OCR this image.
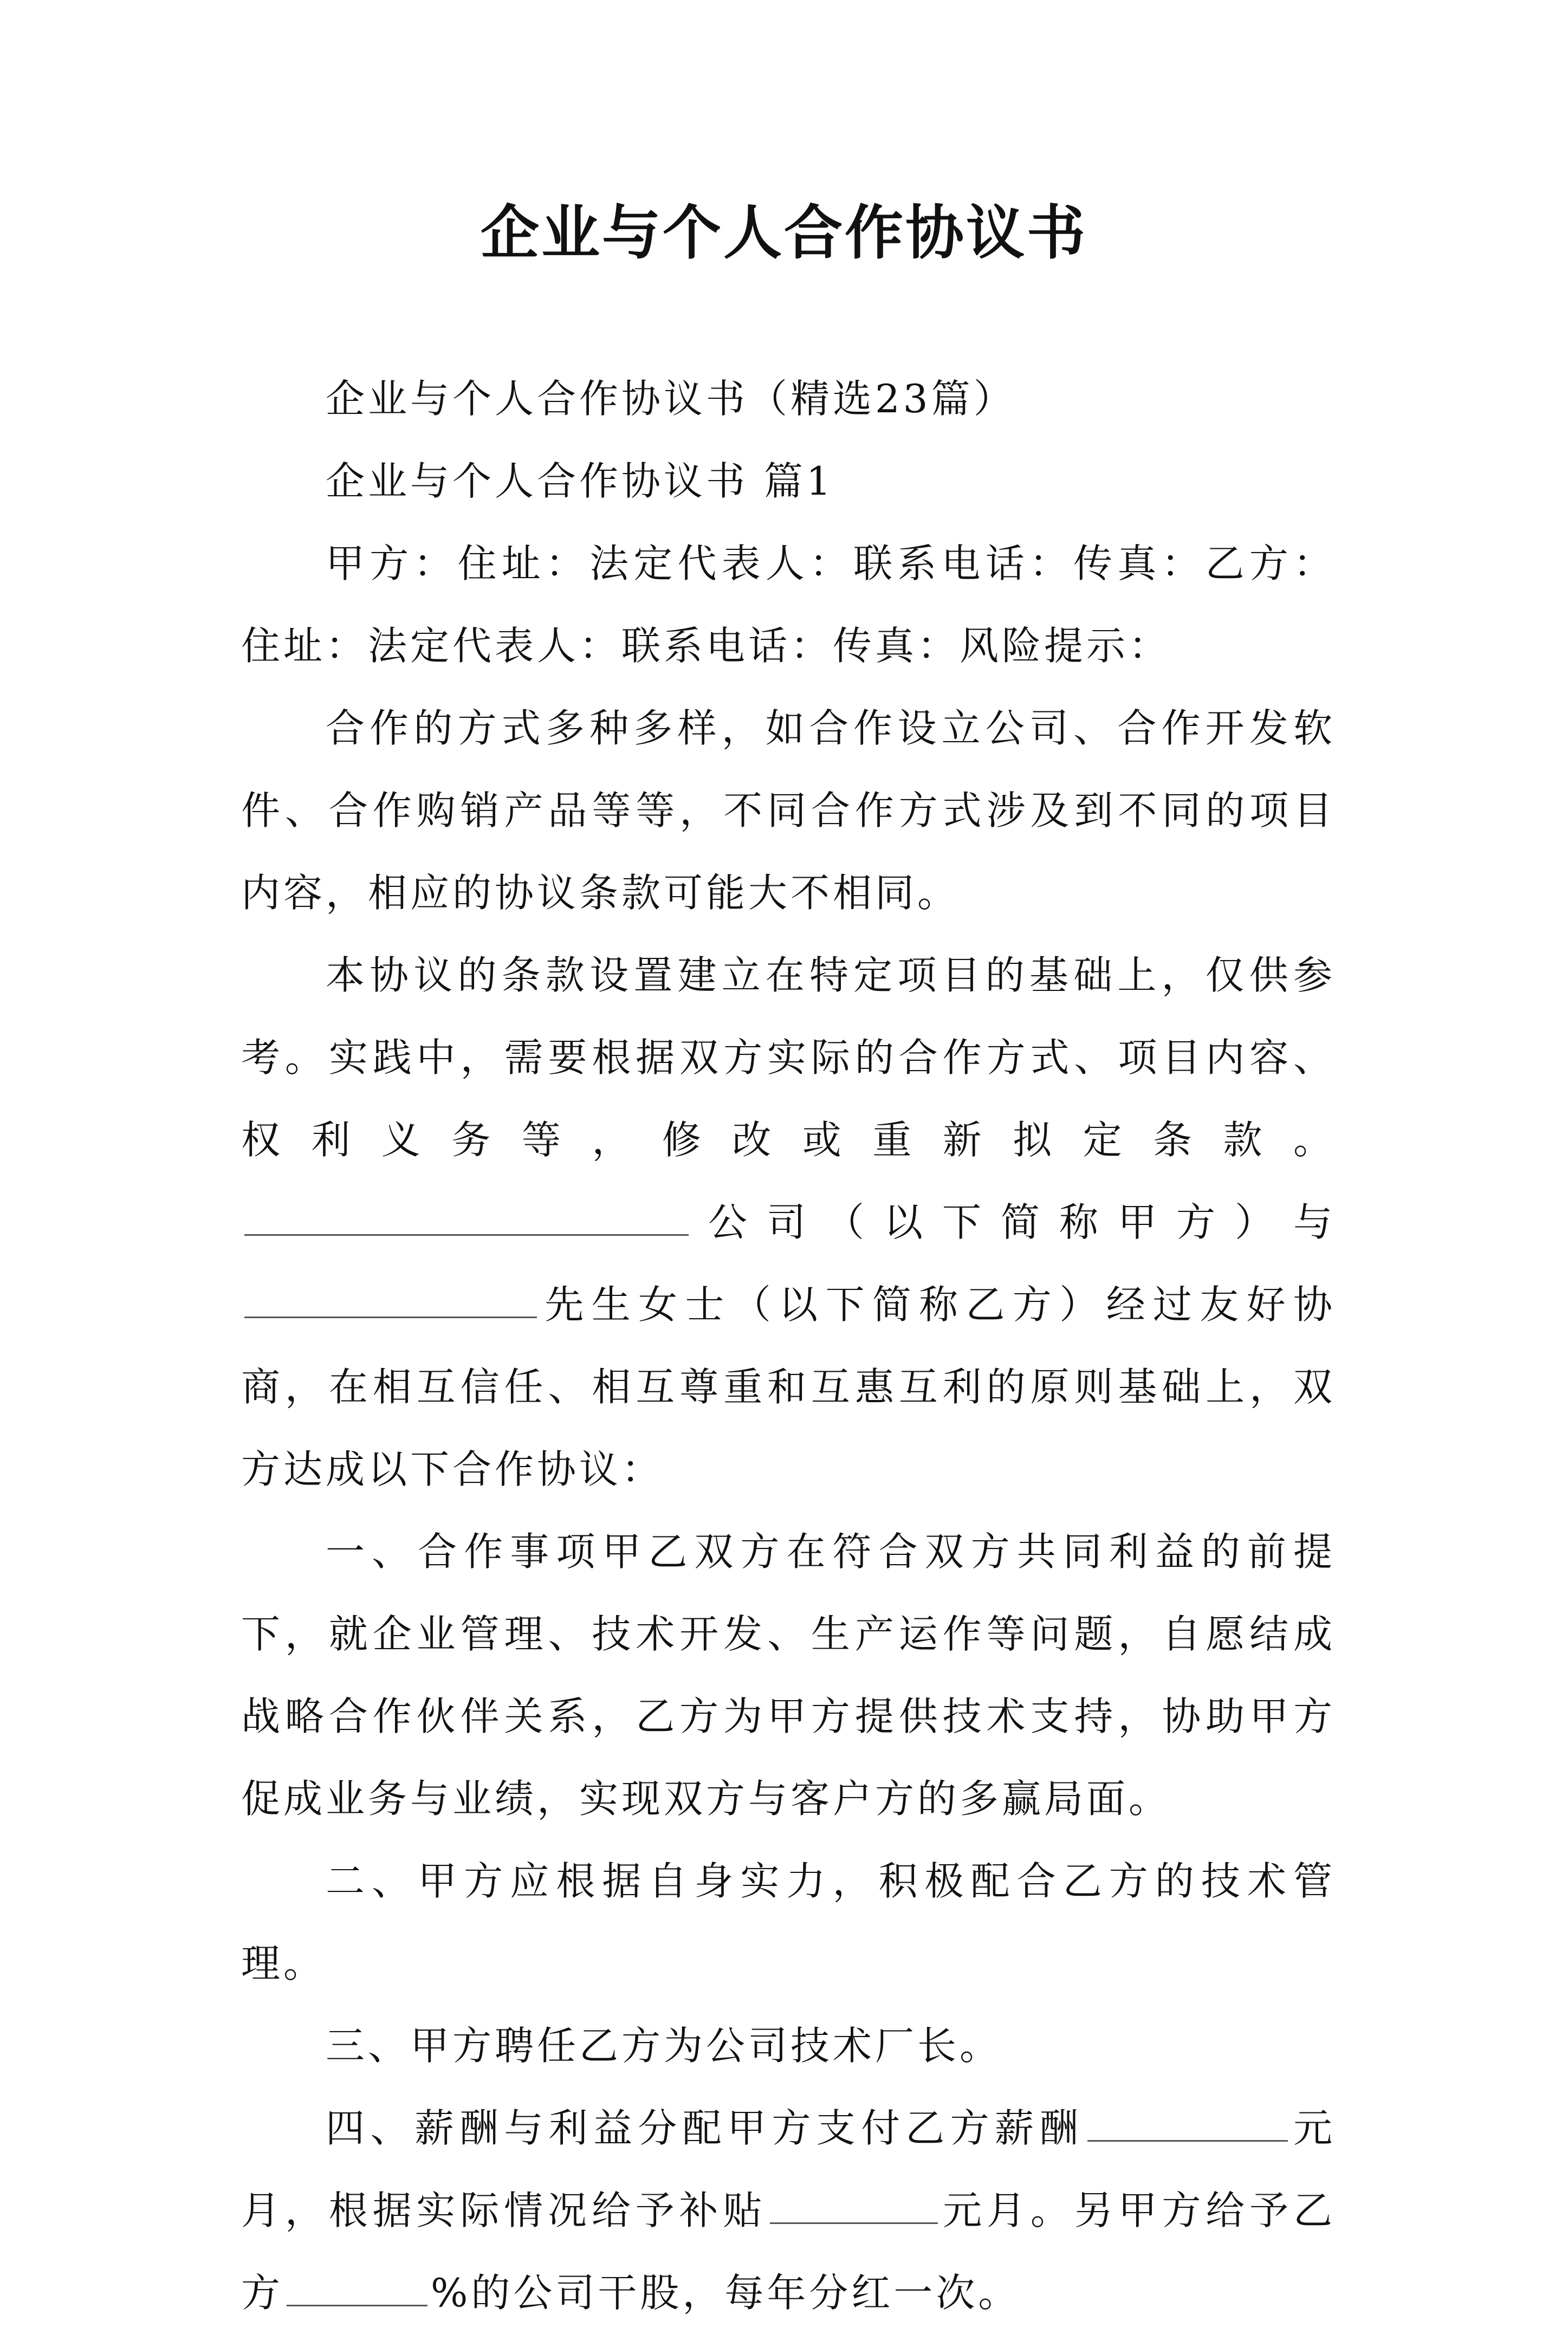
企业与个人合作协议书

企业与个人合作协议书（精选23篇）

企业与个人合作协议书 篇1

甲方：住址：法定代表人：联系电话：传真：乙方：住址：法定代表人：联系电话：传真：风险提示：

合作的方式多种多样，如合作设立公司、合作开发软件、合作购销产品等等，不同合作方式涉及到不同的项目内容，相应的协议条款可能大不相同。

本协议的条款设置建立在特定项目的基础上，仅供参考。实践中，需要根据双方实际的合作方式、项目内容、权利义务等，修改或重新拟定条款。公司（以下简称甲方）与先生女士（以下简称乙方）经过友好协商，在相互信任、相互尊重和互惠互利的原则基础上，双方达成以下合作协议：

一、合作事项甲乙双方在符合双方共同利益的前提下，就企业管理、技术开发、生产运作等问题，自愿结成战略合作伙伴关系，乙方为甲方提供技术支持，协助甲方促成业务与业绩，实现双方与客户方的多赢局面。

二、甲方应根据自身实力，积极配合乙方的技术管理。

三、甲方聘任乙方为公司技术厂长。

四、薪酬与利益分配甲方支付乙方薪酬	元月，根据实际情况给予补贴	元月。另甲方给予乙方	%的公司干股，每年分红一次。
